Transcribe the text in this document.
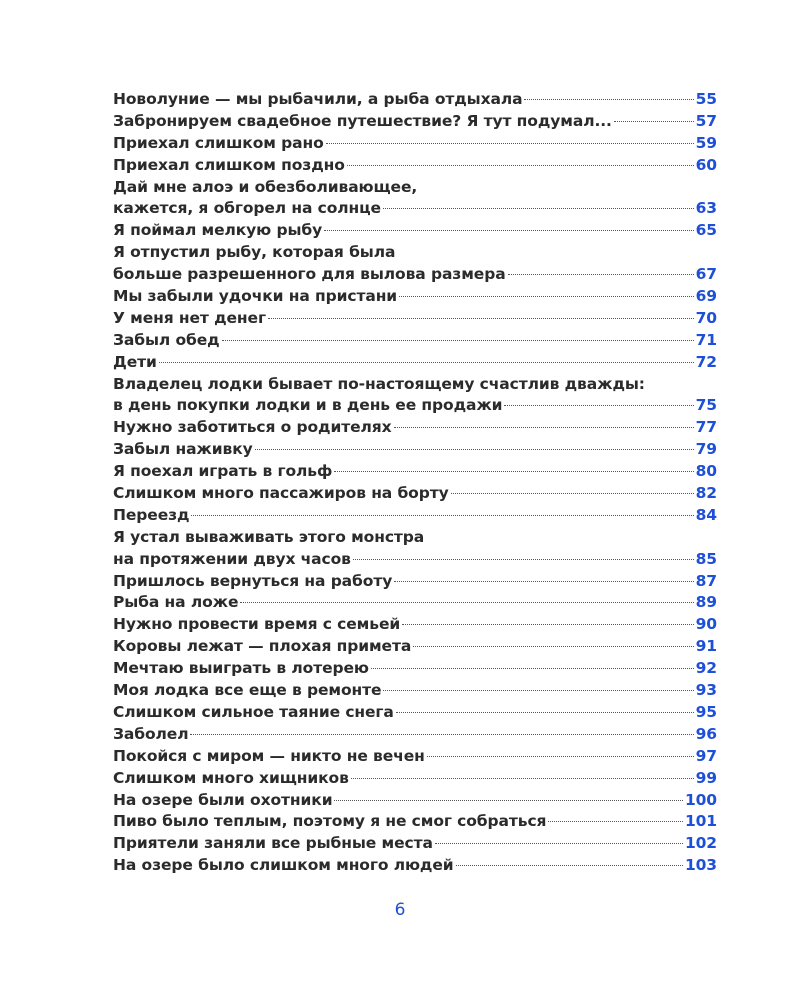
Новолуние — мы рыбачили, а рыба отдыхала	55
Забронируем свадебное путешествие? Я тут подумал...	57
Приехал слишком рано	59
Приехал слишком поздно	60
Дай мне алоэ и обезболивающее,
кажется, я обгорел на солнце	63
Я поймал мелкую рыбу	65
Я отпустил рыбу, которая была
больше разрешенного для вылова размера	67
Мы забыли удочки на пристани	69
У меня нет денег	70
Забыл обед	71
Дети	72
Владелец лодки бывает по-настоящему счастлив дважды:
в день покупки лодки и в день ее продажи	75
Нужно заботиться о родителях	77
Забыл наживку	79
Я поехал играть в гольф	80
Слишком много пассажиров на борту	82
Переезд	84
Я устал вываживать этого монстра
на протяжении двух часов	85
Пришлось вернуться на работу	87
Рыба на ложе	89
Нужно провести время с семьей	90
Коровы лежат — плохая примета	91
Мечтаю выиграть в лотерею	92
Моя лодка все еще в ремонте	93
Слишком сильное таяние снега	95
Заболел	96
Покойся с миром — никто не вечен	97
Слишком много хищников	99
На озере были охотники	100
Пиво было теплым, поэтому я не смог собраться	101
Приятели заняли все рыбные места	102
На озере было слишком много людей	103
6
